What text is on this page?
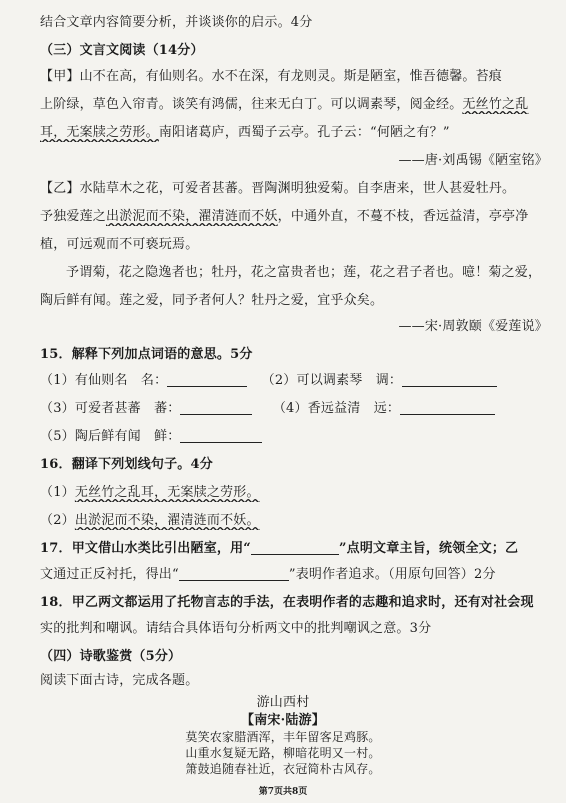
结合文章内容简要分析，并谈谈你的启示。4分
（三）文言文阅读（14分）
【甲】山不在高，有仙则名。水不在深，有龙则灵。斯是陋室，惟吾德馨。苔痕
上阶绿，草色入帘青。谈笑有鸿儒，往来无白丁。可以调素琴，阅金经。无丝竹之乱
耳，无案牍之劳形。南阳诸葛庐，西蜀子云亭。孔子云：“何陋之有？”
——唐·刘禹锡《陋室铭》
【乙】水陆草木之花，可爱者甚蕃。晋陶渊明独爱菊。自李唐来，世人甚爱牡丹。
予独爱莲之出淤泥而不染，濯清涟而不妖，中通外直，不蔓不枝，香远益清，亭亭净
植，可远观而不可亵玩焉。
予谓菊，花之隐逸者也；牡丹，花之富贵者也；莲，花之君子者也。噫！菊之爱，
陶后鲜有闻。莲之爱，同予者何人？牡丹之爱，宜乎众矣。
——宋·周敦颐《爱莲说》
15．解释下列加点词语的意思。5分
（1）有仙则名　名：	（2）可以调素琴　调：
（3）可爱者甚蕃　蕃：	（4）香远益清　远：
（5）陶后鲜有闻　鲜：
16．翻译下列划线句子。4分
（1）无丝竹之乱耳，无案牍之劳形。
（2）出淤泥而不染，濯清涟而不妖。
17．甲文借山水类比引出陋室，用“	”点明文章主旨，统领全文；乙
文通过正反衬托，得出“	”表明作者追求。（用原句回答）2分
18．甲乙两文都运用了托物言志的手法，在表明作者的志趣和追求时，还有对社会现
实的批判和嘲讽。请结合具体语句分析两文中的批判嘲讽之意。3分
（四）诗歌鉴赏（5分）
阅读下面古诗，完成各题。
游山西村
【南宋·陆游】
莫笑农家腊酒浑，丰年留客足鸡豚。
第7页共8页
山重水复疑无路，柳暗花明又一村。
箫鼓追随春社近，衣冠简朴古风存。
